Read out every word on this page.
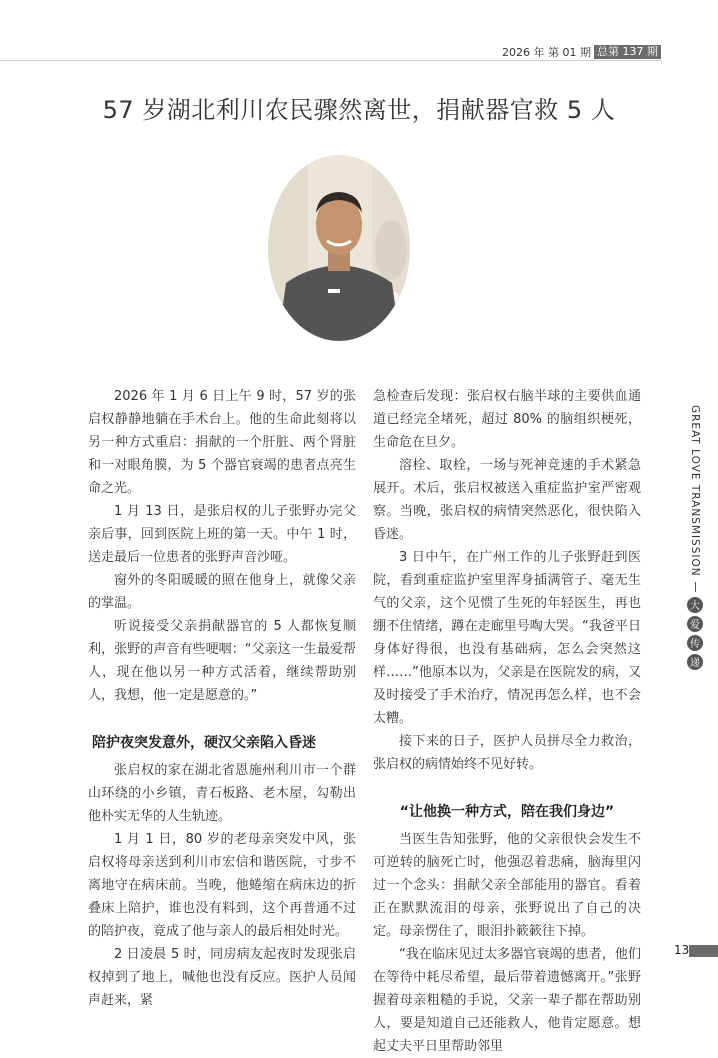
2026 年 第 01 期 总第 137 期
57 岁湖北利川农民骤然离世，捐献器官救 5 人

2026 年 1 月 6 日上午 9 时，57 岁的张启权静静地躺在手术台上。他的生命此刻将以另一种方式重启：捐献的一个肝脏、两个肾脏和一对眼角膜，为 5 个器官衰竭的患者点亮生命之光。

1 月 13 日，是张启权的儿子张野办完父亲后事，回到医院上班的第一天。中午 1 时，送走最后一位患者的张野声音沙哑。

窗外的冬阳暖暖的照在他身上，就像父亲的掌温。

听说接受父亲捐献器官的 5 人都恢复顺利，张野的声音有些哽咽：“父亲这一生最爱帮人，现在他以另一种方式活着，继续帮助别人，我想，他一定是愿意的。”

陪护夜突发意外，硬汉父亲陷入昏迷

张启权的家在湖北省恩施州利川市一个群山环绕的小乡镇，青石板路、老木屋，勾勒出他朴实无华的人生轨迹。

1 月 1 日，80 岁的老母亲突发中风，张启权将母亲送到利川市宏信和谐医院，寸步不离地守在病床前。当晚，他蜷缩在病床边的折叠床上陪护，谁也没有料到，这个再普通不过的陪护夜，竟成了他与亲人的最后相处时光。

2 日凌晨 5 时，同房病友起夜时发现张启权掉到了地上，喊他也没有反应。医护人员闻声赶来，紧

急检查后发现：张启权右脑半球的主要供血通道已经完全堵死，超过 80% 的脑组织梗死，生命危在旦夕。

溶栓、取栓，一场与死神竞速的手术紧急展开。术后，张启权被送入重症监护室严密观察。当晚，张启权的病情突然恶化，很快陷入昏迷。

3 日中午，在广州工作的儿子张野赶到医院，看到重症监护室里浑身插满管子、毫无生气的父亲，这个见惯了生死的年轻医生，再也绷不住情绪，蹲在走廊里号啕大哭。“我爸平日身体好得很，也没有基础病，怎么会突然这样……”他原本以为，父亲是在医院发的病，又及时接受了手术治疗，情况再怎么样，也不会太糟。

接下来的日子，医护人员拼尽全力救治，张启权的病情始终不见好转。

“让他换一种方式，陪在我们身边”

当医生告知张野，他的父亲很快会发生不可逆转的脑死亡时，他强忍着悲痛，脑海里闪过一个念头：捐献父亲全部能用的器官。看着正在默默流泪的母亲，张野说出了自己的决定。母亲愣住了，眼泪扑簌簌往下掉。

“我在临床见过太多器官衰竭的患者，他们在等待中耗尽希望，最后带着遗憾离开。”张野握着母亲粗糙的手说，父亲一辈子都在帮助别人，要是知道自己还能救人，他肯定愿意。想起丈夫平日里帮助邻里

GREAT LOVE TRANSMISSION
大
爱
传
递
13
